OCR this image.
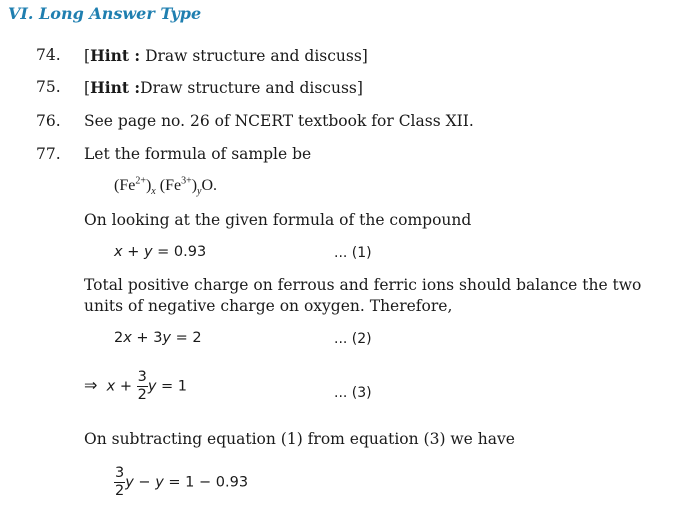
VI. Long Answer Type
74. [Hint : Draw structure and discuss]
75. [Hint :Draw structure and discuss]
76. See page no. 26 of NCERT textbook for Class XII.
77. Let the formula of sample be
$(Fe^{2+})_x$ $(Fe^{3+})_yO$.
On looking at the given formula of the compound
x + y = 0.93	... (1)
Total positive charge on ferrous and ferric ions should balance the two
units of negative charge on oxygen. Therefore,
2x + 3y = 2	... (2)
⇒ $x + \frac{3}{2}$ y = 1	... (3)
On subtracting equation (1) from equation (3) we have
$\frac{3}{2}$ y − y = 1 − 0.93
